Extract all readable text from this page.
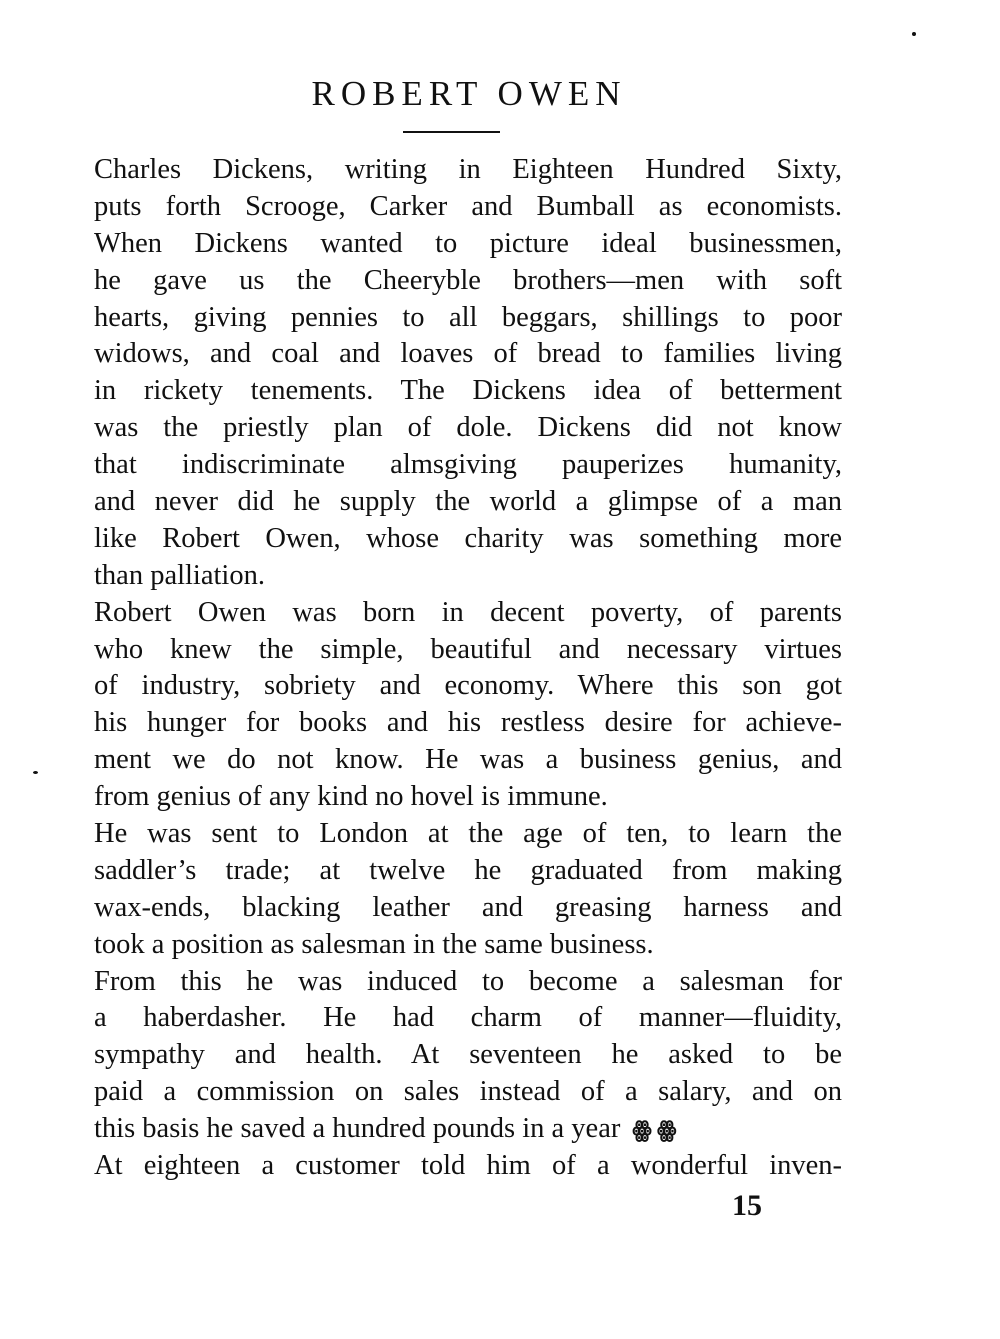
ROBERT OWEN
Charles Dickens, writing in Eighteen Hundred Sixty,
puts forth Scrooge, Carker and Bumball as economists.
When Dickens wanted to picture ideal businessmen,
he gave us the Cheeryble brothers—men with soft
hearts, giving pennies to all beggars, shillings to poor
widows, and coal and loaves of bread to families living
in rickety tenements. The Dickens idea of betterment
was the priestly plan of dole. Dickens did not know
that indiscriminate almsgiving pauperizes humanity,
and never did he supply the world a glimpse of a man
like Robert Owen, whose charity was something more
than palliation.
Robert Owen was born in decent poverty, of parents
who knew the simple, beautiful and necessary virtues
of industry, sobriety and economy. Where this son got
his hunger for books and his restless desire for achieve-
ment we do not know. He was a business genius, and
from genius of any kind no hovel is immune.
He was sent to London at the age of ten, to learn the
saddler’s trade; at twelve he graduated from making
wax-ends, blacking leather and greasing harness and
took a position as salesman in the same business.
From this he was induced to become a salesman for
a haberdasher. He had charm of manner—fluidity,
sympathy and health. At seventeen he asked to be
paid a commission on sales instead of a salary, and on
this basis he saved a hundred pounds in a year ꙮ ꙮ
At eighteen a customer told him of a wonderful inven-
15
